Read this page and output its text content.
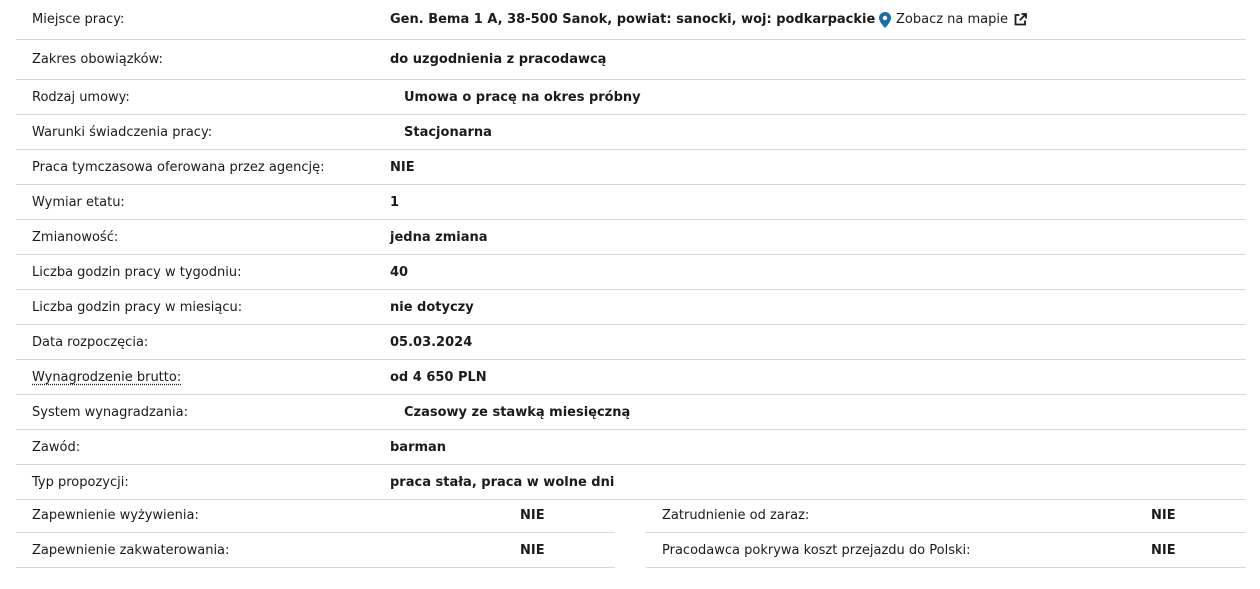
Miejsce pracy:	Gen. Bema 1 A, 38-500 Sanok, powiat: sanocki, woj: podkarpackie Zobacz na mapie
Zakres obowiązków:	do uzgodnienia z pracodawcą
Rodzaj umowy:	Umowa o pracę na okres próbny
Warunki świadczenia pracy:	Stacjonarna
Praca tymczasowa oferowana przez agencję:	NIE
Wymiar etatu:	1
Zmianowość:	jedna zmiana
Liczba godzin pracy w tygodniu:	40
Liczba godzin pracy w miesiącu:	nie dotyczy
Data rozpoczęcia:	05.03.2024
Wynagrodzenie brutto:	od 4 650 PLN
System wynagradzania:	Czasowy ze stawką miesięczną
Zawód:	barman
Typ propozycji:	praca stała, praca w wolne dni
Zapewnienie wyżywienia:	NIE
Zapewnienie zakwaterowania:	NIE
Zatrudnienie od zaraz:	NIE
Pracodawca pokrywa koszt przejazdu do Polski:	NIE
